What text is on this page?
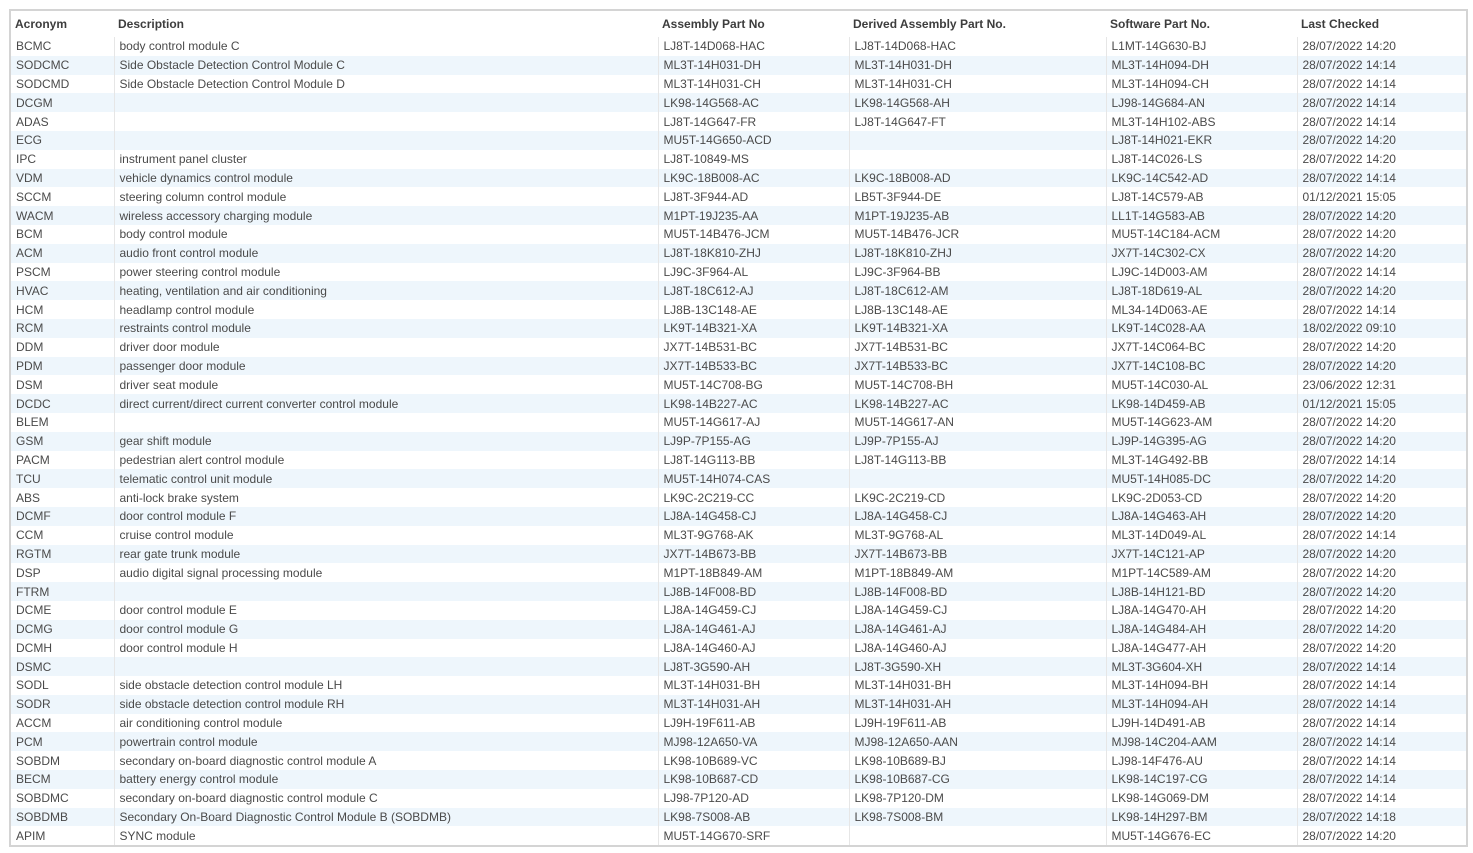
Acronym	Description	Assembly Part No	Derived Assembly Part No.	Software Part No.	Last Checked
BCMC	body control module C	LJ8T-14D068-HAC	LJ8T-14D068-HAC	L1MT-14G630-BJ	28/07/2022 14:20
SODCMC	Side Obstacle Detection Control Module C	ML3T-14H031-DH	ML3T-14H031-DH	ML3T-14H094-DH	28/07/2022 14:14
SODCMD	Side Obstacle Detection Control Module D	ML3T-14H031-CH	ML3T-14H031-CH	ML3T-14H094-CH	28/07/2022 14:14
DCGM		LK98-14G568-AC	LK98-14G568-AH	LJ98-14G684-AN	28/07/2022 14:14
ADAS		LJ8T-14G647-FR	LJ8T-14G647-FT	ML3T-14H102-ABS	28/07/2022 14:14
ECG		MU5T-14G650-ACD		LJ8T-14H021-EKR	28/07/2022 14:20
IPC	instrument panel cluster	LJ8T-10849-MS		LJ8T-14C026-LS	28/07/2022 14:20
VDM	vehicle dynamics control module	LK9C-18B008-AC	LK9C-18B008-AD	LK9C-14C542-AD	28/07/2022 14:14
SCCM	steering column control module	LJ8T-3F944-AD	LB5T-3F944-DE	LJ8T-14C579-AB	01/12/2021 15:05
WACM	wireless accessory charging module	M1PT-19J235-AA	M1PT-19J235-AB	LL1T-14G583-AB	28/07/2022 14:20
BCM	body control module	MU5T-14B476-JCM	MU5T-14B476-JCR	MU5T-14C184-ACM	28/07/2022 14:20
ACM	audio front control module	LJ8T-18K810-ZHJ	LJ8T-18K810-ZHJ	JX7T-14C302-CX	28/07/2022 14:20
PSCM	power steering control module	LJ9C-3F964-AL	LJ9C-3F964-BB	LJ9C-14D003-AM	28/07/2022 14:14
HVAC	heating, ventilation and air conditioning	LJ8T-18C612-AJ	LJ8T-18C612-AM	LJ8T-18D619-AL	28/07/2022 14:20
HCM	headlamp control module	LJ8B-13C148-AE	LJ8B-13C148-AE	ML34-14D063-AE	28/07/2022 14:14
RCM	restraints control module	LK9T-14B321-XA	LK9T-14B321-XA	LK9T-14C028-AA	18/02/2022 09:10
DDM	driver door module	JX7T-14B531-BC	JX7T-14B531-BC	JX7T-14C064-BC	28/07/2022 14:20
PDM	passenger door module	JX7T-14B533-BC	JX7T-14B533-BC	JX7T-14C108-BC	28/07/2022 14:20
DSM	driver seat module	MU5T-14C708-BG	MU5T-14C708-BH	MU5T-14C030-AL	23/06/2022 12:31
DCDC	direct current/direct current converter control module	LK98-14B227-AC	LK98-14B227-AC	LK98-14D459-AB	01/12/2021 15:05
BLEM		MU5T-14G617-AJ	MU5T-14G617-AN	MU5T-14G623-AM	28/07/2022 14:20
GSM	gear shift module	LJ9P-7P155-AG	LJ9P-7P155-AJ	LJ9P-14G395-AG	28/07/2022 14:20
PACM	pedestrian alert control module	LJ8T-14G113-BB	LJ8T-14G113-BB	ML3T-14G492-BB	28/07/2022 14:14
TCU	telematic control unit module	MU5T-14H074-CAS		MU5T-14H085-DC	28/07/2022 14:20
ABS	anti-lock brake system	LK9C-2C219-CC	LK9C-2C219-CD	LK9C-2D053-CD	28/07/2022 14:20
DCMF	door control module F	LJ8A-14G458-CJ	LJ8A-14G458-CJ	LJ8A-14G463-AH	28/07/2022 14:20
CCM	cruise control module	ML3T-9G768-AK	ML3T-9G768-AL	ML3T-14D049-AL	28/07/2022 14:14
RGTM	rear gate trunk module	JX7T-14B673-BB	JX7T-14B673-BB	JX7T-14C121-AP	28/07/2022 14:20
DSP	audio digital signal processing module	M1PT-18B849-AM	M1PT-18B849-AM	M1PT-14C589-AM	28/07/2022 14:20
FTRM		LJ8B-14F008-BD	LJ8B-14F008-BD	LJ8B-14H121-BD	28/07/2022 14:20
DCME	door control module E	LJ8A-14G459-CJ	LJ8A-14G459-CJ	LJ8A-14G470-AH	28/07/2022 14:20
DCMG	door control module G	LJ8A-14G461-AJ	LJ8A-14G461-AJ	LJ8A-14G484-AH	28/07/2022 14:20
DCMH	door control module H	LJ8A-14G460-AJ	LJ8A-14G460-AJ	LJ8A-14G477-AH	28/07/2022 14:20
DSMC		LJ8T-3G590-AH	LJ8T-3G590-XH	ML3T-3G604-XH	28/07/2022 14:14
SODL	side obstacle detection control module LH	ML3T-14H031-BH	ML3T-14H031-BH	ML3T-14H094-BH	28/07/2022 14:14
SODR	side obstacle detection control module RH	ML3T-14H031-AH	ML3T-14H031-AH	ML3T-14H094-AH	28/07/2022 14:14
ACCM	air conditioning control module	LJ9H-19F611-AB	LJ9H-19F611-AB	LJ9H-14D491-AB	28/07/2022 14:14
PCM	powertrain control module	MJ98-12A650-VA	MJ98-12A650-AAN	MJ98-14C204-AAM	28/07/2022 14:14
SOBDM	secondary on-board diagnostic control module A	LK98-10B689-VC	LK98-10B689-BJ	LJ98-14F476-AU	28/07/2022 14:14
BECM	battery energy control module	LK98-10B687-CD	LK98-10B687-CG	LK98-14C197-CG	28/07/2022 14:14
SOBDMC	secondary on-board diagnostic control module C	LJ98-7P120-AD	LK98-7P120-DM	LK98-14G069-DM	28/07/2022 14:14
SOBDMB	Secondary On-Board Diagnostic Control Module B (SOBDMB)	LK98-7S008-AB	LK98-7S008-BM	LK98-14H297-BM	28/07/2022 14:18
APIM	SYNC module	MU5T-14G670-SRF		MU5T-14G676-EC	28/07/2022 14:20
